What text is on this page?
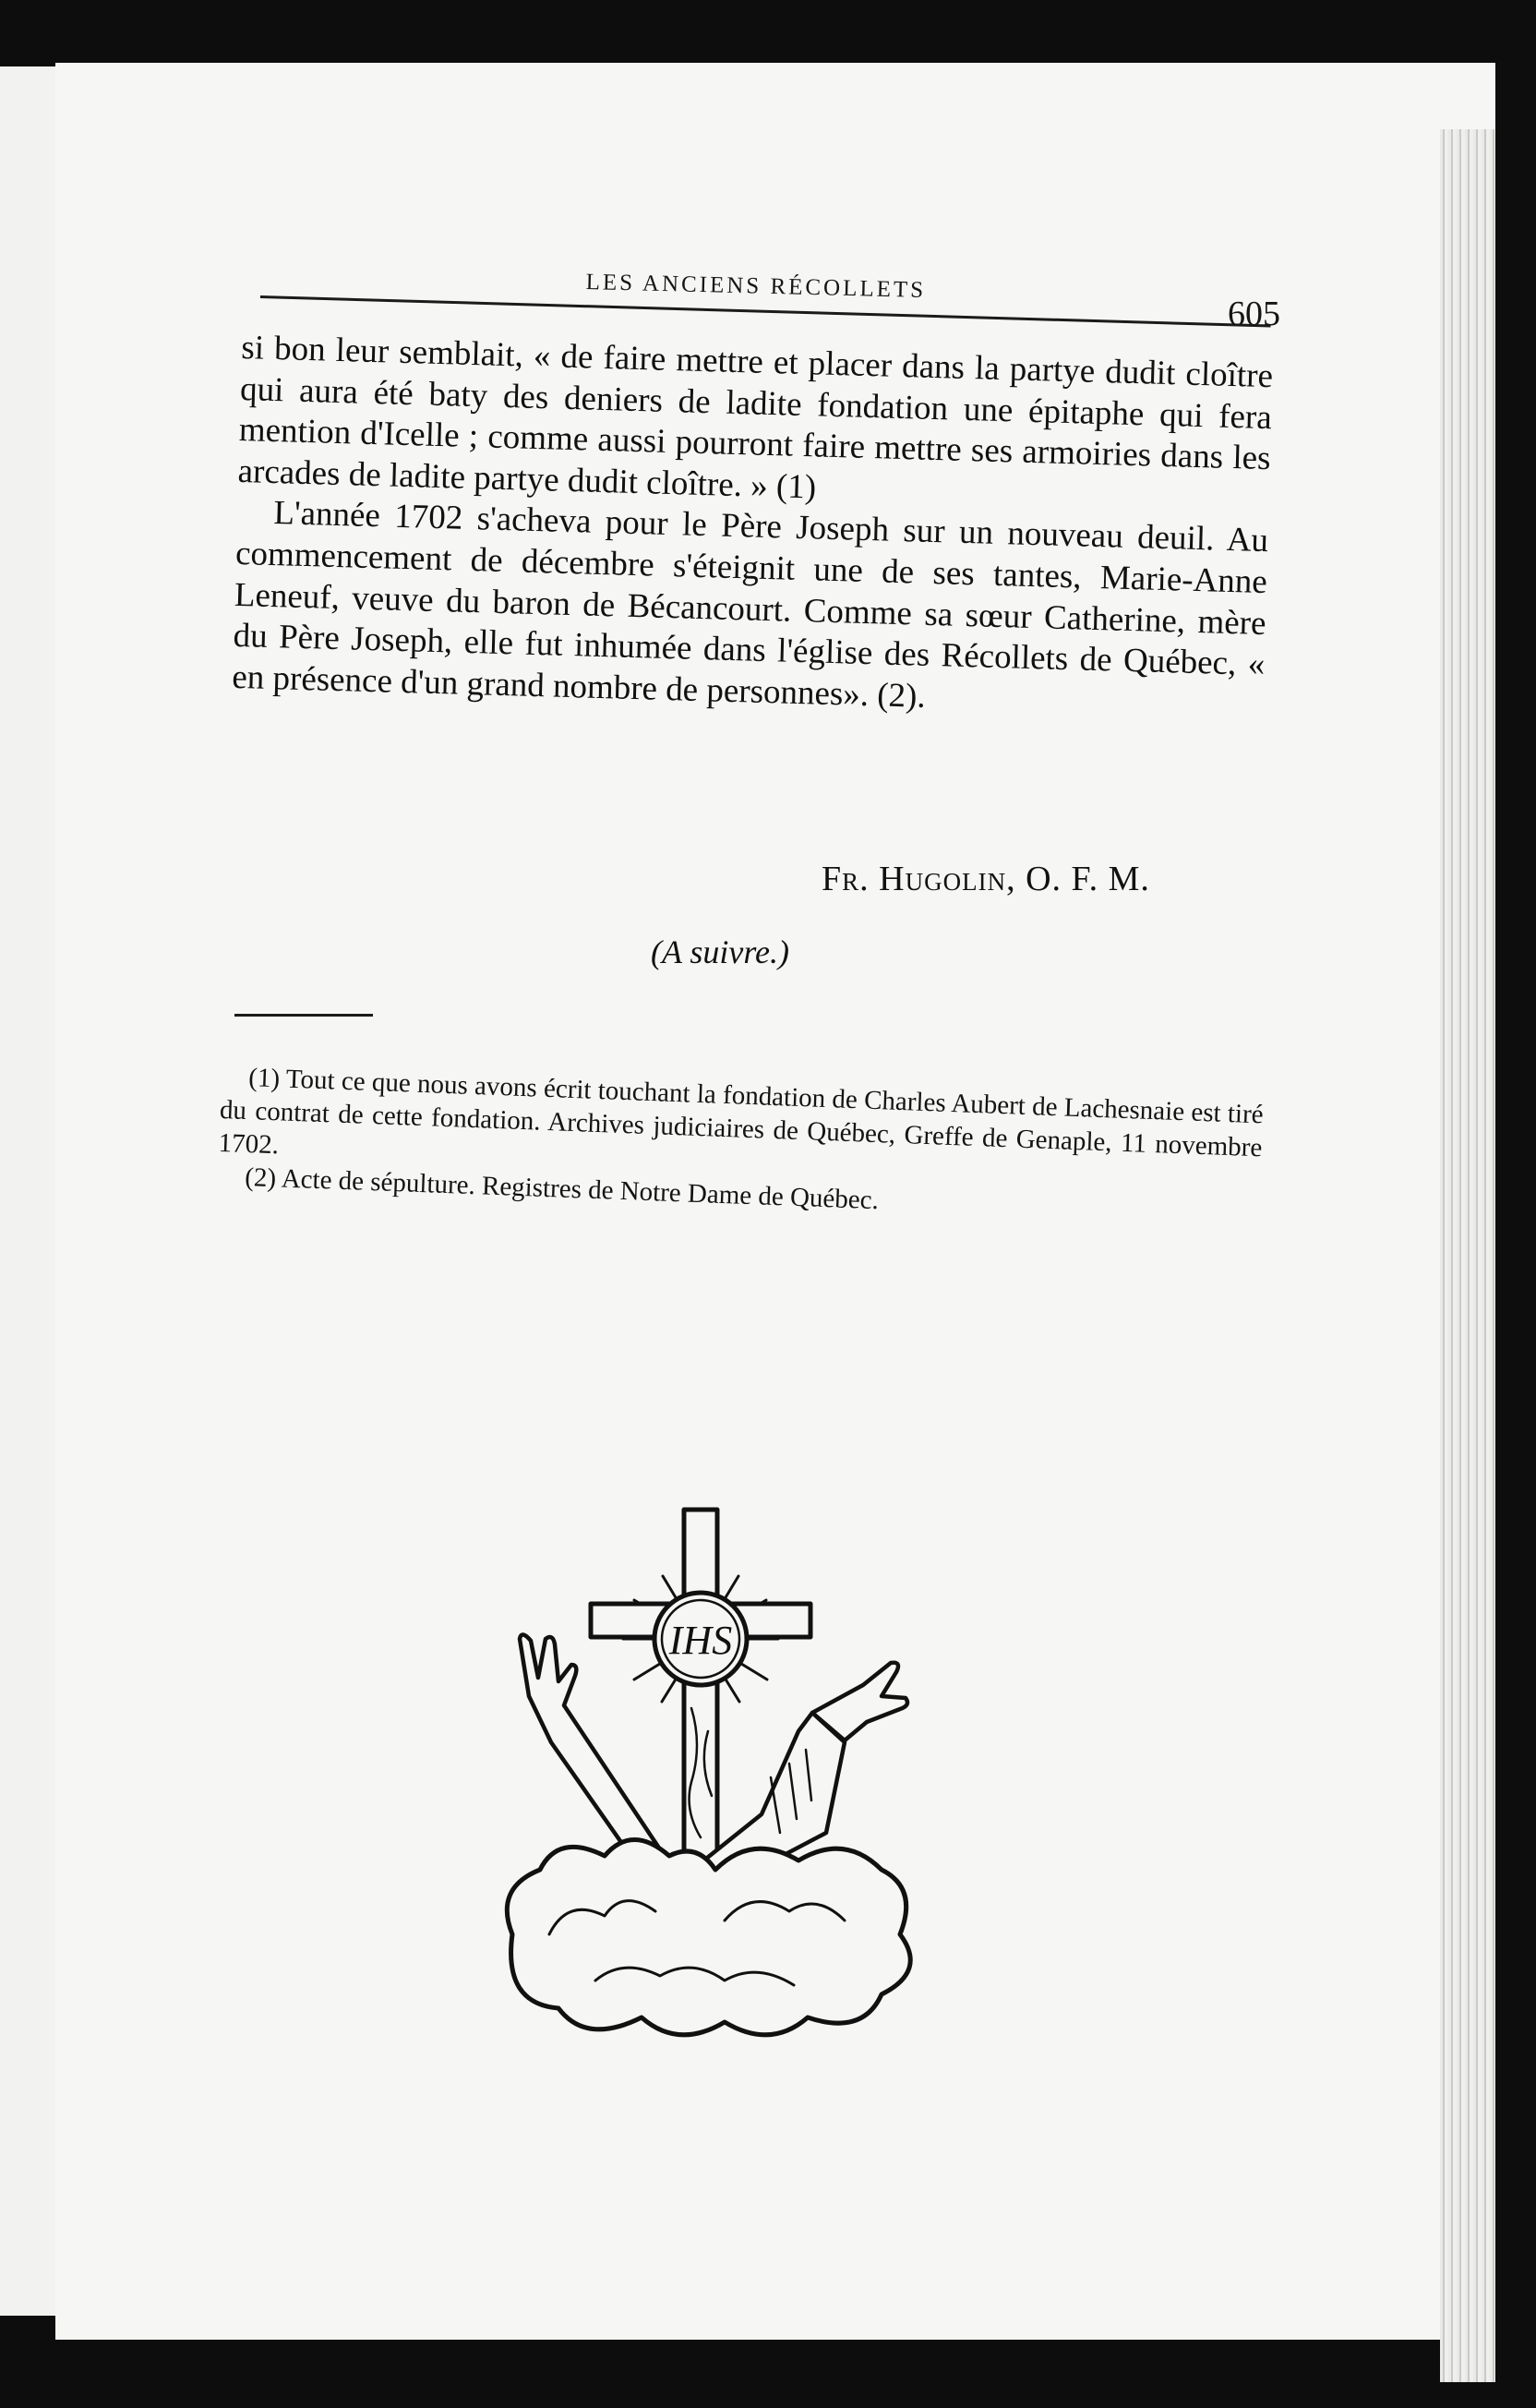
LES ANCIENS RÉCOLLETS
605

si bon leur semblait, « de faire mettre et placer dans la partye dudit cloître qui aura été baty des deniers de ladite fondation une épitaphe qui fera mention d'Icelle ; comme aussi pourront faire mettre ses armoiries dans les arcades de ladite partye dudit cloître. » (1)

L'année 1702 s'acheva pour le Père Joseph sur un nouveau deuil. Au commencement de décembre s'éteignit une de ses tantes, Marie-Anne Leneuf, veuve du baron de Bécancourt. Comme sa sœur Catherine, mère du Père Joseph, elle fut inhumée dans l'église des Récollets de Québec, « en présence d'un grand nombre de personnes». (2).

Fr. Hugolin, O. F. M.
(A suivre.)

(1) Tout ce que nous avons écrit touchant la fondation de Charles Aubert de Lachesnaie est tiré du contrat de cette fondation. Archives judiciaires de Québec, Greffe de Genaple, 11 novembre 1702.

(2) Acte de sépulture. Registres de Notre Dame de Québec.

IHS
